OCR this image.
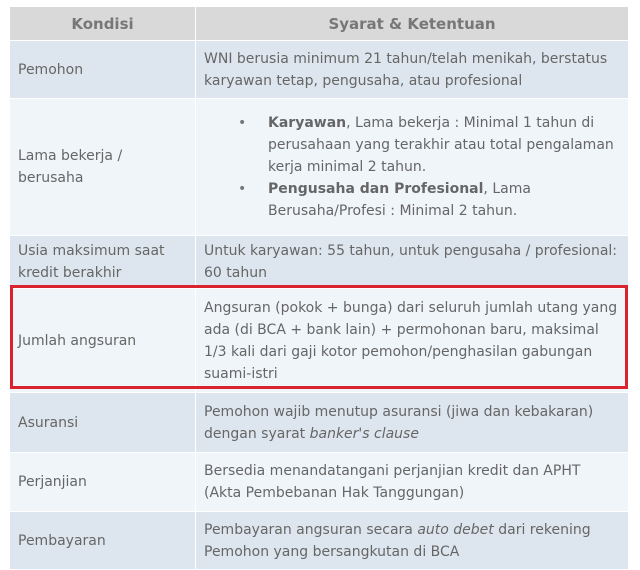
Kondisi	Syarat & Ketentuan
Pemohon
WNI berusia minimum 21 tahun/telah menikah, berstatus karyawan tetap, pengusaha, atau profesional
Lama bekerja / berusaha
• Karyawan, Lama bekerja : Minimal 1 tahun di perusahaan yang terakhir atau total pengalaman kerja minimal 2 tahun.
• Pengusaha dan Profesional, Lama Berusaha/Profesi : Minimal 2 tahun.
Usia maksimum saat kredit berakhir
Untuk karyawan: 55 tahun, untuk pengusaha / profesional: 60 tahun
Jumlah angsuran
Angsuran (pokok + bunga) dari seluruh jumlah utang yang ada (di BCA + bank lain) + permohonan baru, maksimal 1/3 kali dari gaji kotor pemohon/penghasilan gabungan suami-istri
Asuransi
Pemohon wajib menutup asuransi (jiwa dan kebakaran) dengan syarat banker's clause
Perjanjian
Bersedia menandatangani perjanjian kredit dan APHT (Akta Pembebanan Hak Tanggungan)
Pembayaran
Pembayaran angsuran secara auto debet dari rekening Pemohon yang bersangkutan di BCA
